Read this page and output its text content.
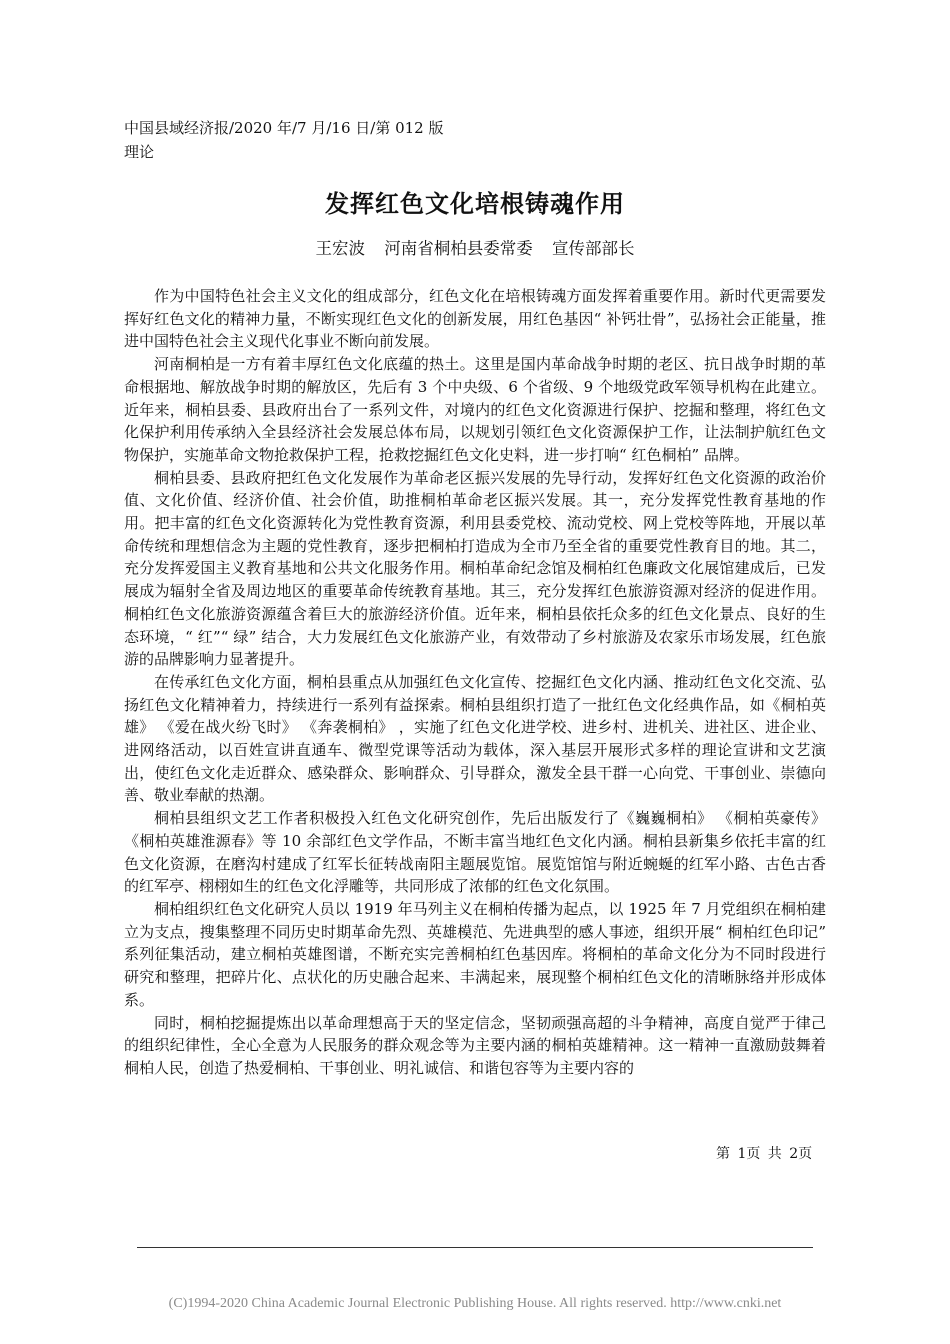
中国县域经济报/2020 年/7 月/16 日/第 012 版理论
发挥红色文化培根铸魂作用
王宏波 河南省桐柏县委常委 宣传部部长

作为中国特色社会主义文化的组成部分，红色文化在培根铸魂方面发挥着重要作用。新时代更需要发挥好红色文化的精神力量，不断实现红色文化的创新发展，用红色基因“ 补钙壮骨”，弘扬社会正能量，推进中国特色社会主义现代化事业不断向前发展。

河南桐柏是一方有着丰厚红色文化底蕴的热土。这里是国内革命战争时期的老区、抗日战争时期的革命根据地、解放战争时期的解放区，先后有 3 个中央级、6 个省级、9 个地级党政军领导机构在此建立。近年来，桐柏县委、县政府出台了一系列文件，对境内的红色文化资源进行保护、挖掘和整理，将红色文化保护利用传承纳入全县经济社会发展总体布局，以规划引领红色文化资源保护工作，让法制护航红色文物保护，实施革命文物抢救保护工程，抢救挖掘红色文化史料，进一步打响“ 红色桐柏” 品牌。

桐柏县委、县政府把红色文化发展作为革命老区振兴发展的先导行动，发挥好红色文化资源的政治价值、文化价值、经济价值、社会价值，助推桐柏革命老区振兴发展。其一，充分发挥党性教育基地的作用。把丰富的红色文化资源转化为党性教育资源，利用县委党校、流动党校、网上党校等阵地，开展以革命传统和理想信念为主题的党性教育，逐步把桐柏打造成为全市乃至全省的重要党性教育目的地。其二，充分发挥爱国主义教育基地和公共文化服务作用。桐柏革命纪念馆及桐柏红色廉政文化展馆建成后，已发展成为辐射全省及周边地区的重要革命传统教育基地。其三，充分发挥红色旅游资源对经济的促进作用。桐柏红色文化旅游资源蕴含着巨大的旅游经济价值。近年来，桐柏县依托众多的红色文化景点、良好的生态环境，“ 红”“ 绿” 结合，大力发展红色文化旅游产业，有效带动了乡村旅游及农家乐市场发展，红色旅游的品牌影响力显著提升。

在传承红色文化方面，桐柏县重点从加强红色文化宣传、挖掘红色文化内涵、推动红色文化交流、弘扬红色文化精神着力，持续进行一系列有益探索。桐柏县组织打造了一批红色文化经典作品，如《桐柏英雄》 《爱在战火纷飞时》 《奔袭桐柏》 ，实施了红色文化进学校、进乡村、进机关、进社区、进企业、进网络活动，以百姓宣讲直通车、微型党课等活动为载体，深入基层开展形式多样的理论宣讲和文艺演出，使红色文化走近群众、感染群众、影响群众、引导群众，激发全县干群一心向党、干事创业、崇德向善、敬业奉献的热潮。

桐柏县组织文艺工作者积极投入红色文化研究创作，先后出版发行了《巍巍桐柏》 《桐柏英豪传》《桐柏英雄淮源春》等 10 余部红色文学作品，不断丰富当地红色文化内涵。桐柏县新集乡依托丰富的红色文化资源，在磨沟村建成了红军长征转战南阳主题展览馆。展览馆馆与附近蜿蜒的红军小路、古色古香的红军亭、栩栩如生的红色文化浮雕等，共同形成了浓郁的红色文化氛围。

桐柏组织红色文化研究人员以 1919 年马列主义在桐柏传播为起点，以 1925 年 7 月党组织在桐柏建立为支点，搜集整理不同历史时期革命先烈、英雄模范、先进典型的感人事迹，组织开展“ 桐柏红色印记” 系列征集活动，建立桐柏英雄图谱，不断充实完善桐柏红色基因库。将桐柏的革命文化分为不同时段进行研究和整理，把碎片化、点状化的历史融合起来、丰满起来，展现整个桐柏红色文化的清晰脉络并形成体系。

同时，桐柏挖掘提炼出以革命理想高于天的坚定信念，坚韧顽强高超的斗争精神，高度自觉严于律己的组织纪律性，全心全意为人民服务的群众观念等为主要内涵的桐柏英雄精神。这一精神一直激励鼓舞着桐柏人民，创造了热爱桐柏、干事创业、明礼诚信、和谐包容等为主要内容的

第 1页 共 2页
(C)1994-2020 China Academic Journal Electronic Publishing House. All rights reserved. http://www.cnki.net
